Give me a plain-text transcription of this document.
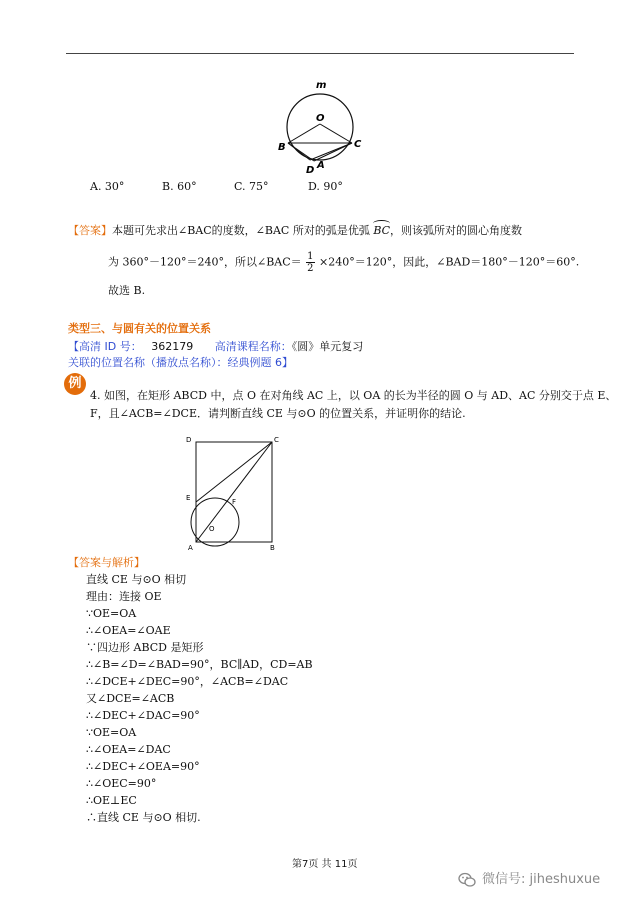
m
O
B	C
D A
A. 30°	B. 60°	C. 75°	D. 90°
【答案】本题可先求出∠BAC的度数，∠BAC 所对的弧是优弧 BC，则该弧所对的圆心角度数
为 360°－120°＝240°，所以∠BAC＝ $\frac{1}{2} \times 240^\circ=120^\circ$，因此，∠BAD＝180°－120°＝60°.
故选 B.
类型三、与圆有关的位置关系
【高清 ID 号： 362179 高清课程名称：《圆》单元复习
关联的位置名称（播放点名称）：经典例题 6】
例
4. 如图，在矩形 ABCD 中，点 O 在对角线 AC 上，以 OA 的长为半径的圆 O 与 AD、AC 分别交于点 E、
F，且∠ACB=∠DCE．请判断直线 CE 与⊙O 的位置关系，并证明你的结论.
D	C
E	F
O
A	B
【答案与解析】
直线 CE 与⊙O 相切
理由：连接 OE
∵OE=OA
∴∠OEA=∠OAE
∵四边形 ABCD 是矩形
∴∠B=∠D=∠BAD=90°，BC∥AD，CD=AB
∴∠DCE+∠DEC=90°，∠ACB=∠DAC
又∠DCE=∠ACB
∴∠DEC+∠DAC=90°
∵OE=OA
∴∠OEA=∠DAC
∴∠DEC+∠OEA=90°
∴∠OEC=90°
∴OE⊥EC
∴直线 CE 与⊙O 相切.
第7页 共 11页
微信号: jiheshuxue
